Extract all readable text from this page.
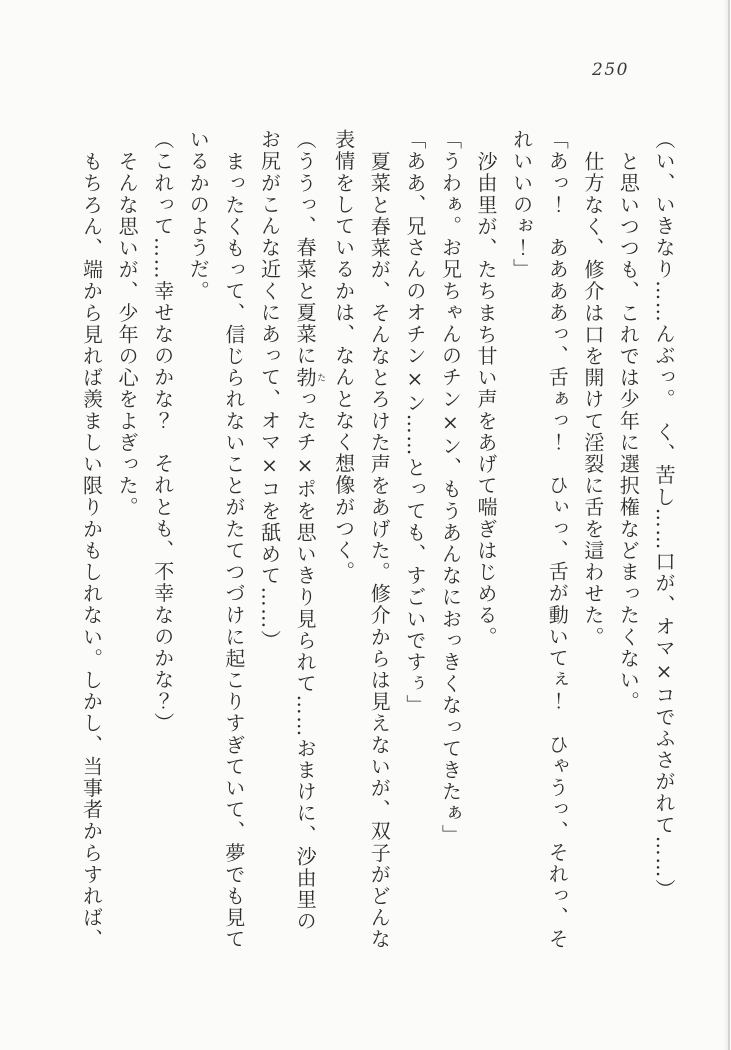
250

（い、いきなり……んぶっ。　く、苦し……口が、オマ×コでふさがれて……）

と思いつつも、これでは少年に選択権などまったくない。

仕方なく、修介は口を開けて淫裂に舌を這わせた。

「あっ！　ああああっ、舌ぁっ！　ひぃっ、舌が動いてぇ！　ひゃうっ、それっ、それいいのぉ！」

沙由里が、たちまち甘い声をあげて喘ぎはじめる。

「うわぁ。お兄ちゃんのチン×ン、もうあんなにおっきくなってきたぁ」

「ああ、兄さんのオチン×ン……とっても、すごいですぅ」

夏菜と春菜が、そんなとろけた声をあげた。修介からは見えないが、双子がどんな表情をしているかは、なんとなく想像がつく。

（ううっ、春菜と夏菜に勃たったチ×ポを思いきり見られて……おまけに、沙由里のお尻がこんな近くにあって、オマ×コを舐めて……）

まったくもって、信じられないことがたてつづけに起こりすぎていて、夢でも見ているかのようだ。

（これって……幸せなのかな？　それとも、不幸なのかな？）

そんな思いが、少年の心をよぎった。

もちろん、端から見れば羨ましい限りかもしれない。しかし、当事者からすれば、
